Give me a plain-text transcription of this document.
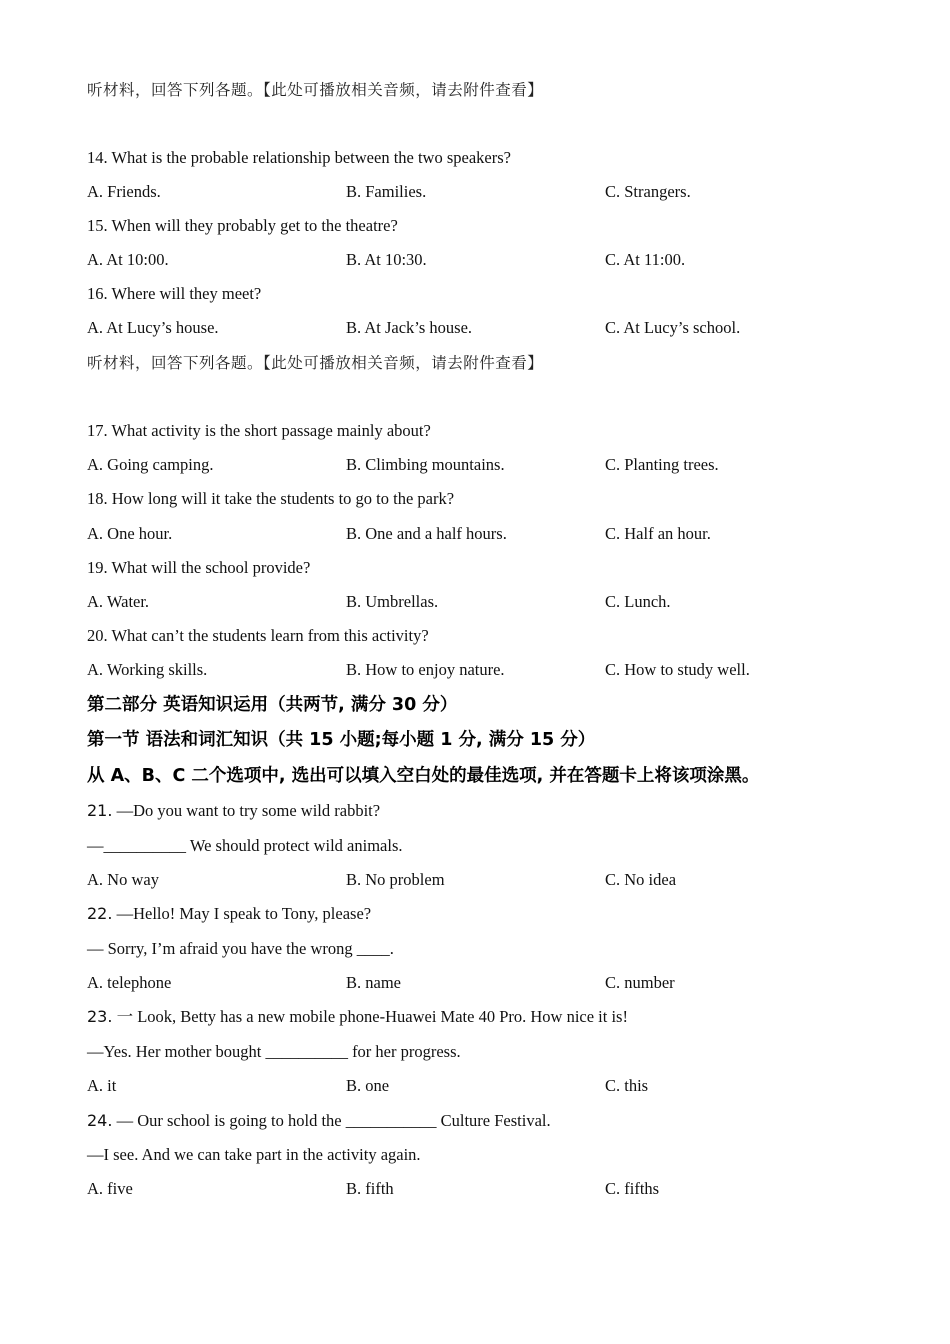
听材料，回答下列各题。【此处可播放相关音频，请去附件查看】
14. What is the probable relationship between the two speakers?
A. Friends.	B. Families.	C. Strangers.
15. When will they probably get to the theatre?
A. At 10:00.	B. At 10:30.	C. At 11:00.
16. Where will they meet?
A. At Lucy’s house.	B. At Jack’s house.	C. At Lucy’s school.
听材料，回答下列各题。【此处可播放相关音频，请去附件查看】
17. What activity is the short passage mainly about?
A. Going camping.	B. Climbing mountains.	C. Planting trees.
18. How long will it take the students to go to the park?
A. One hour.	B. One and a half hours.	C. Half an hour.
19. What will the school provide?
A. Water.	B. Umbrellas.	C. Lunch.
20. What can’t the students learn from this activity?
A. Working skills.	B. How to enjoy nature.	C. How to study well.
第二部分 英语知识运用（共两节, 满分 30 分）
第一节 语法和词汇知识（共 15 小题;每小题 1 分, 满分 15 分）
从 A、B、C 二个选项中, 选出可以填入空白处的最佳选项, 并在答题卡上将该项涂黑。
21. —Do you want to try some wild rabbit?
—__________ We should protect wild animals.
A. No way	B. No problem	C. No idea
22. —Hello! May I speak to Tony, please?
— Sorry, I’m afraid you have the wrong ____.
A. telephone	B. name	C. number
23. 一 Look, Betty has a new mobile phone-Huawei Mate 40 Pro. How nice it is!
—Yes. Her mother bought __________ for her progress.
A. it	B. one	C. this
24. — Our school is going to hold the ___________ Culture Festival.
—I see. And we can take part in the activity again.
A. five	B. fifth	C. fifths
